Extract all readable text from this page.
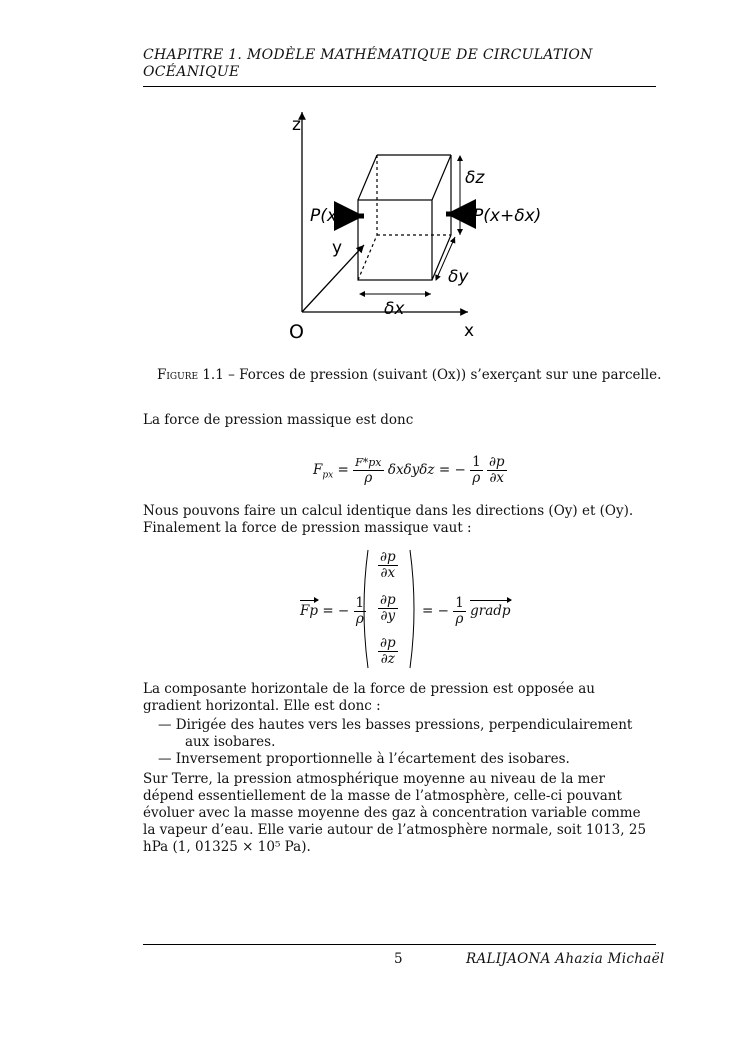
CHAPITRE 1. MODÈLE MATHÉMATIQUE DE CIRCULATION
OCÉANIQUE
z
y
x
O
P(x)	P(x+δx)
δz
δy
δx
Figure 1.1 – Forces de pression (suivant (Ox)) s’exerçant sur une parcelle.
La force de pression massique est donc
$F_{px} = \frac{F*px}{\rho}$ δxδyδz = − $\frac{1}{\rho}$
$\frac{\partial p}{\partial x}$
Nous pouvons faire un calcul identique dans les directions (Oy) et (Oy). Finalement la force de pression massique vaut :
Fp = − $\frac{1}{\rho}$
$\frac{\partial p}{\partial x}$
$\frac{\partial p}{\partial y}$
$\frac{\partial p}{\partial z}$
= − $\frac{1}{\rho}$ gradp
La composante horizontale de la force de pression est opposée au gradient horizontal. Elle est donc :
— Dirigée des hautes vers les basses pressions, perpendiculairement aux isobares.
— Inversement proportionnelle à l’écartement des isobares.
Sur Terre, la pression atmosphérique moyenne au niveau de la mer dépend essentiellement de la masse de l’atmosphère, celle-ci pouvant évoluer avec la masse moyenne des gaz à concentration variable comme la vapeur d’eau. Elle varie autour de l’atmosphère normale, soit 1013, 25 hPa (1, 01325 × 10⁵ Pa).
5	RALIJAONA Ahazia Michaël
